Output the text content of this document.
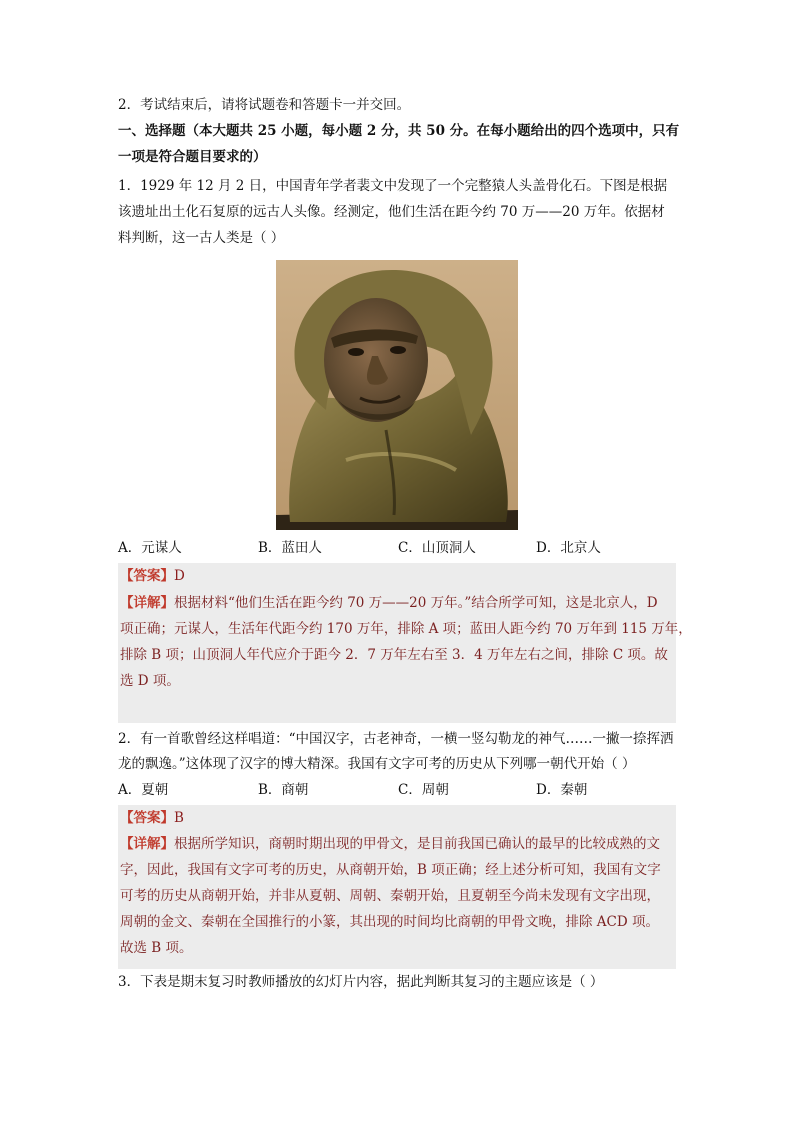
2．考试结束后，请将试题卷和答题卡一并交回。
一、选择题（本大题共 25 小题，每小题 2 分，共 50 分。在每小题给出的四个选项中，只有
一项是符合题目要求的）
1．1929 年 12 月 2 日，中国青年学者裴文中发现了一个完整猿人头盖骨化石。下图是根据
该遗址出土化石复原的远古人头像。经测定，他们生活在距今约 70 万——20 万年。依据材
料判断，这一古人类是（ ）
A．元谋人	B．蓝田人	C．山顶洞人	D．北京人
【答案】D
【详解】根据材料“他们生活在距今约 70 万——20 万年。”结合所学可知，这是北京人，D
项正确；元谋人，生活年代距今约 170 万年，排除 A 项；蓝田人距今约 70 万年到 115 万年，
排除 B 项；山顶洞人年代应介于距今 2．7 万年左右至 3．4 万年左右之间，排除 C 项。故
选 D 项。
2．有一首歌曾经这样唱道：“中国汉字，古老神奇，一横一竖勾勒龙的神气……一撇一捺挥洒
龙的飘逸。”这体现了汉字的博大精深。我国有文字可考的历史从下列哪一朝代开始（ ）
A．夏朝	B．商朝	C．周朝	D．秦朝
【答案】B
【详解】根据所学知识，商朝时期出现的甲骨文，是目前我国已确认的最早的比较成熟的文
字，因此，我国有文字可考的历史，从商朝开始，B 项正确；经上述分析可知，我国有文字
可考的历史从商朝开始，并非从夏朝、周朝、秦朝开始，且夏朝至今尚未发现有文字出现，
周朝的金文、秦朝在全国推行的小篆，其出现的时间均比商朝的甲骨文晚，排除 ACD 项。
故选 B 项。
3．下表是期末复习时教师播放的幻灯片内容，据此判断其复习的主题应该是（ ）
